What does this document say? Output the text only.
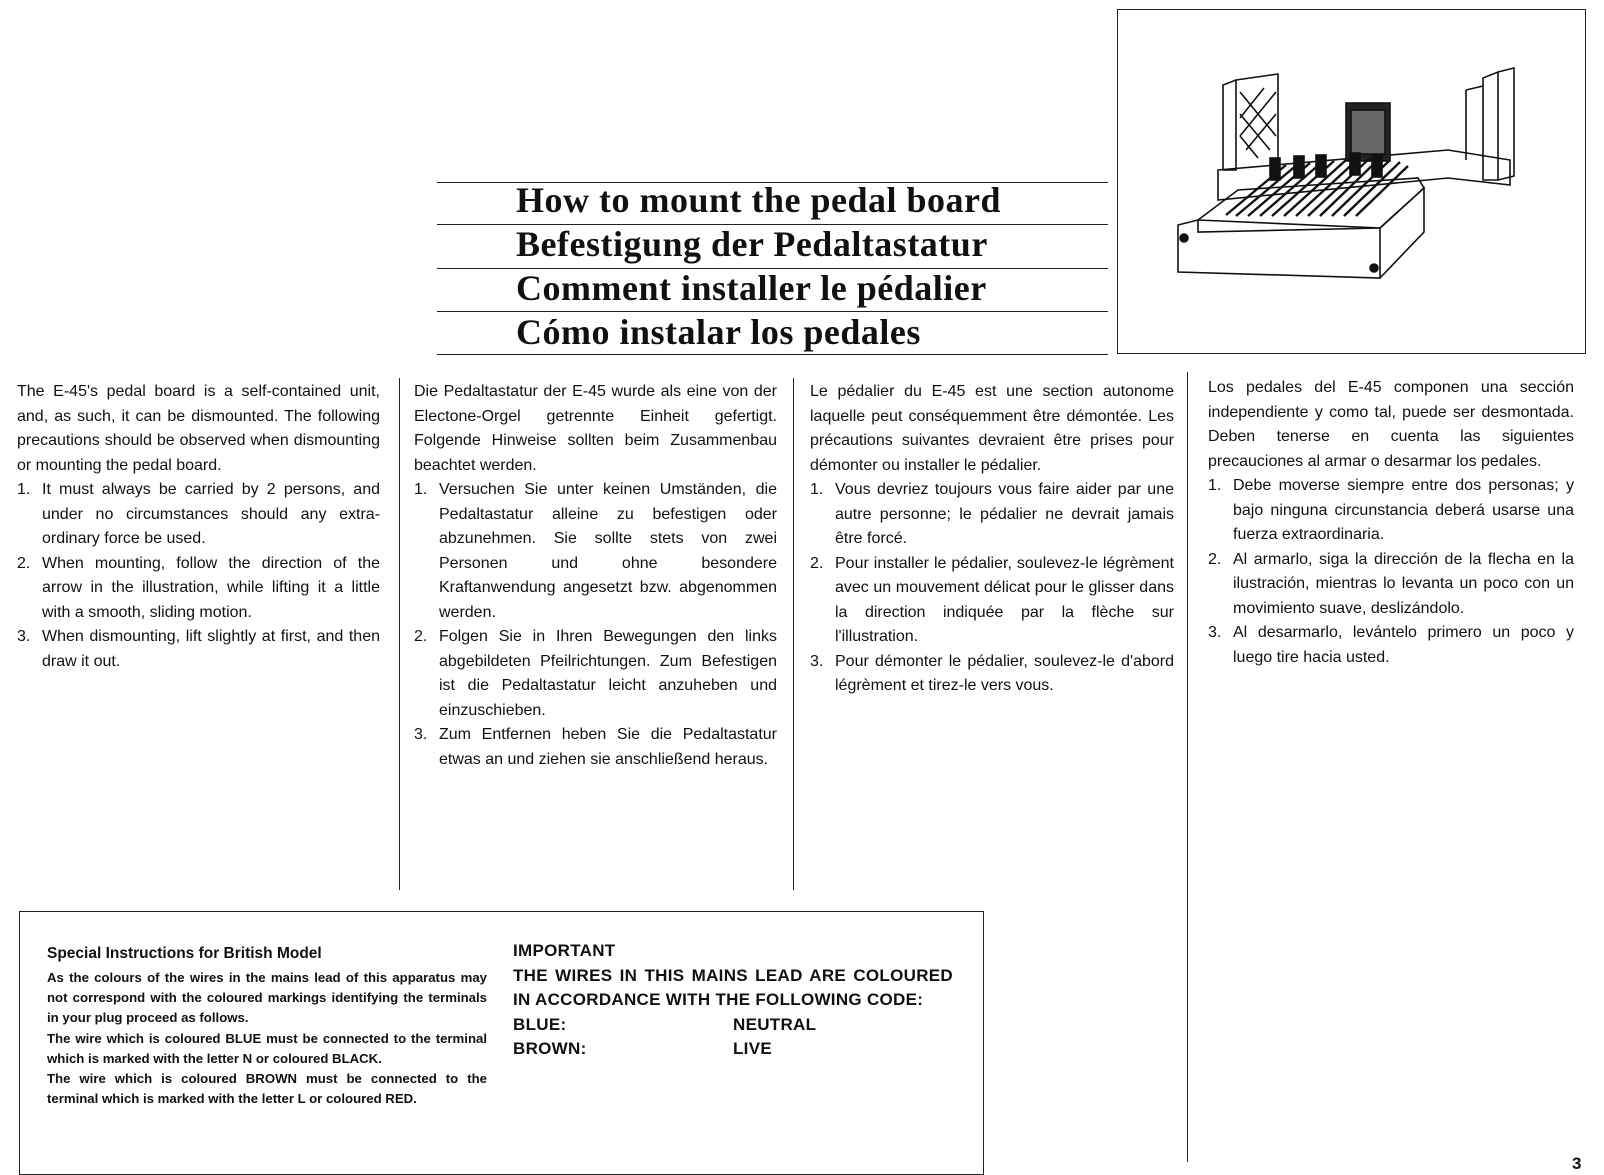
How to mount the pedal board
Befestigung der Pedaltastatur
Comment installer le pédalier
Cómo instalar los pedales

The E-45's pedal board is a self-contained unit, and, as such, it can be dismounted. The following precautions should be observed when dismounting or mounting the pedal board.

1. It must always be carried by 2 persons, and under no circumstances should any extra-ordinary force be used.
2. When mounting, follow the direction of the arrow in the illustration, while lifting it a little with a smooth, sliding motion.
3. When dismounting, lift slightly at first, and then draw it out.

Die Pedaltastatur der E-45 wurde als eine von der Electone-Orgel getrennte Einheit gefertigt. Folgende Hinweise sollten beim Zusammenbau beachtet werden.

1. Versuchen Sie unter keinen Umständen, die Pedaltastatur alleine zu befestigen oder abzunehmen. Sie sollte stets von zwei Personen und ohne besondere Kraftanwendung angesetzt bzw. abgenommen werden.
2. Folgen Sie in Ihren Bewegungen den links abgebildeten Pfeilrichtungen. Zum Befestigen ist die Pedaltastatur leicht anzuheben und einzuschieben.
3. Zum Entfernen heben Sie die Pedaltastatur etwas an und ziehen sie anschließend heraus.

Le pédalier du E-45 est une section autonome laquelle peut conséquemment être démontée. Les précautions suivantes devraient être prises pour démonter ou installer le pédalier.

1. Vous devriez toujours vous faire aider par une autre personne; le pédalier ne devrait jamais être forcé.
2. Pour installer le pédalier, soulevez-le légrèment avec un mouvement délicat pour le glisser dans la direction indiquée par la flèche sur l'illustration.
3. Pour démonter le pédalier, soulevez-le d'abord légrèment et tirez-le vers vous.

Los pedales del E-45 componen una sección independiente y como tal, puede ser desmontada. Deben tenerse en cuenta las siguientes precauciones al armar o desarmar los pedales.

1. Debe moverse siempre entre dos personas; y bajo ninguna circunstancia deberá usarse una fuerza extraordinaria.
2. Al armarlo, siga la dirección de la flecha en la ilustración, mientras lo levanta un poco con un movimiento suave, deslizándolo.
3. Al desarmarlo, levántelo primero un poco y luego tire hacia usted.
Special Instructions for British Model

As the colours of the wires in the mains lead of this apparatus may not correspond with the coloured markings identifying the terminals in your plug proceed as follows.

The wire which is coloured BLUE must be connected to the terminal which is marked with the letter N or coloured BLACK.

The wire which is coloured BROWN must be connected to the terminal which is marked with the letter L or coloured RED.

IMPORTANT

THE WIRES IN THIS MAINS LEAD ARE COLOURED IN ACCORDANCE WITH THE FOLLOWING CODE:

BLUE:	NEUTRAL
BROWN:	LIVE
3
